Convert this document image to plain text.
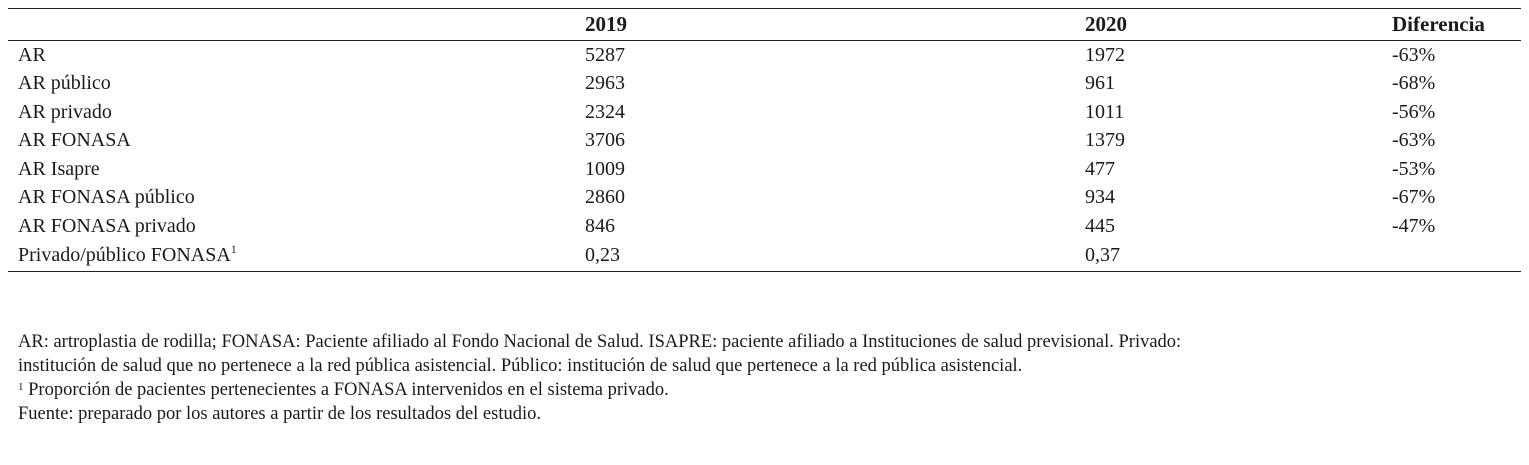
	2019	2020	Diferencia
AR	5287	1972	-63%
AR público	2963	961	-68%
AR privado	2324	1011	-56%
AR FONASA	3706	1379	-63%
AR Isapre	1009	477	-53%
AR FONASA público	2860	934	-67%
AR FONASA privado	846	445	-47%
Privado/público FONASA$^1$	0,23	0,37	

AR: artroplastia de rodilla; FONASA: Paciente afiliado al Fondo Nacional de Salud. ISAPRE: paciente afiliado a Instituciones de salud previsional. Privado:
institución de salud que no pertenece a la red pública asistencial. Público: institución de salud que pertenece a la red pública asistencial.

$^1$ Proporción de pacientes pertenecientes a FONASA intervenidos en el sistema privado.

Fuente: preparado por los autores a partir de los resultados del estudio.
